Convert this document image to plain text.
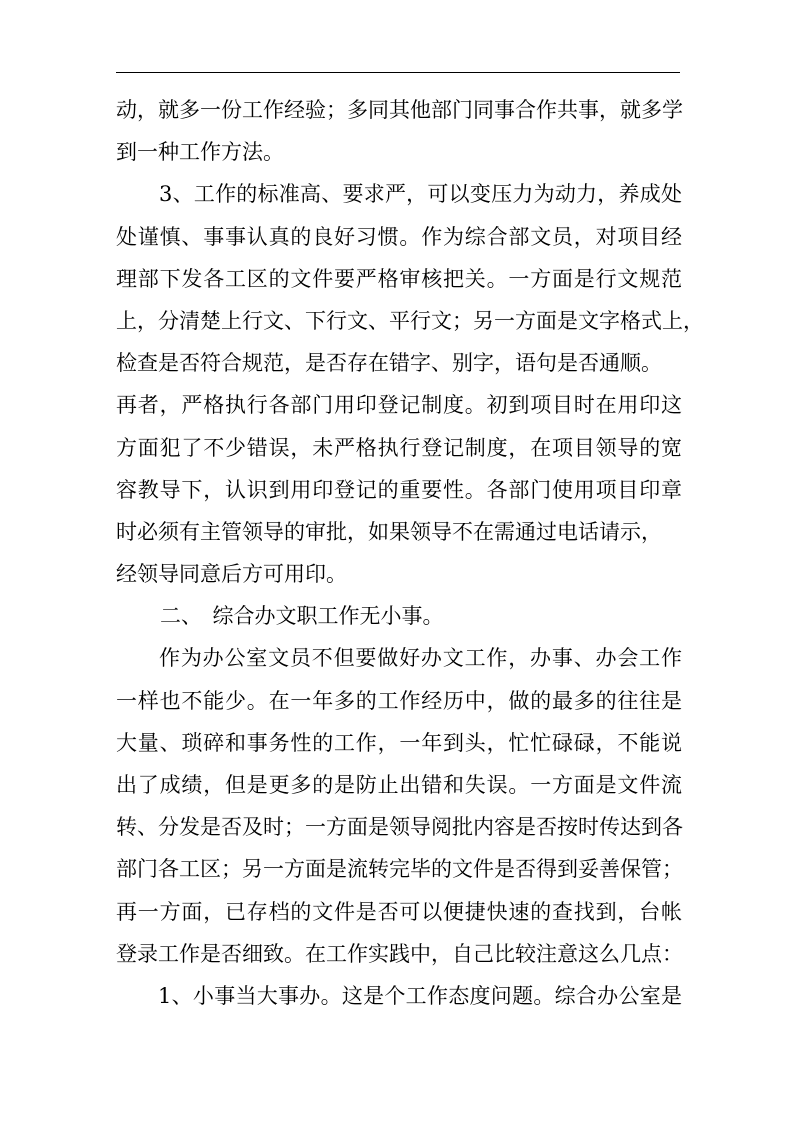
动，就多一份工作经验；多同其他部门同事合作共事，就多学
到一种工作方法。
3、工作的标准高、要求严，可以变压力为动力，养成处
处谨慎、事事认真的良好习惯。作为综合部文员，对项目经
理部下发各工区的文件要严格审核把关。一方面是行文规范
上，分清楚上行文、下行文、平行文；另一方面是文字格式上，
检查是否符合规范，是否存在错字、别字，语句是否通顺。
再者，严格执行各部门用印登记制度。初到项目时在用印这
方面犯了不少错误，未严格执行登记制度，在项目领导的宽
容教导下，认识到用印登记的重要性。各部门使用项目印章
时必须有主管领导的审批，如果领导不在需通过电话请示，
经领导同意后方可用印。
二、　综合办文职工作无小事。
作为办公室文员不但要做好办文工作，办事、办会工作
一样也不能少。在一年多的工作经历中，做的最多的往往是
大量、琐碎和事务性的工作，一年到头，忙忙碌碌，不能说
出了成绩，但是更多的是防止出错和失误。一方面是文件流
转、分发是否及时；一方面是领导阅批内容是否按时传达到各
部门各工区；另一方面是流转完毕的文件是否得到妥善保管；
再一方面，已存档的文件是否可以便捷快速的查找到，台帐
登录工作是否细致。在工作实践中，自己比较注意这么几点：
1、小事当大事办。这是个工作态度问题。综合办公室是
